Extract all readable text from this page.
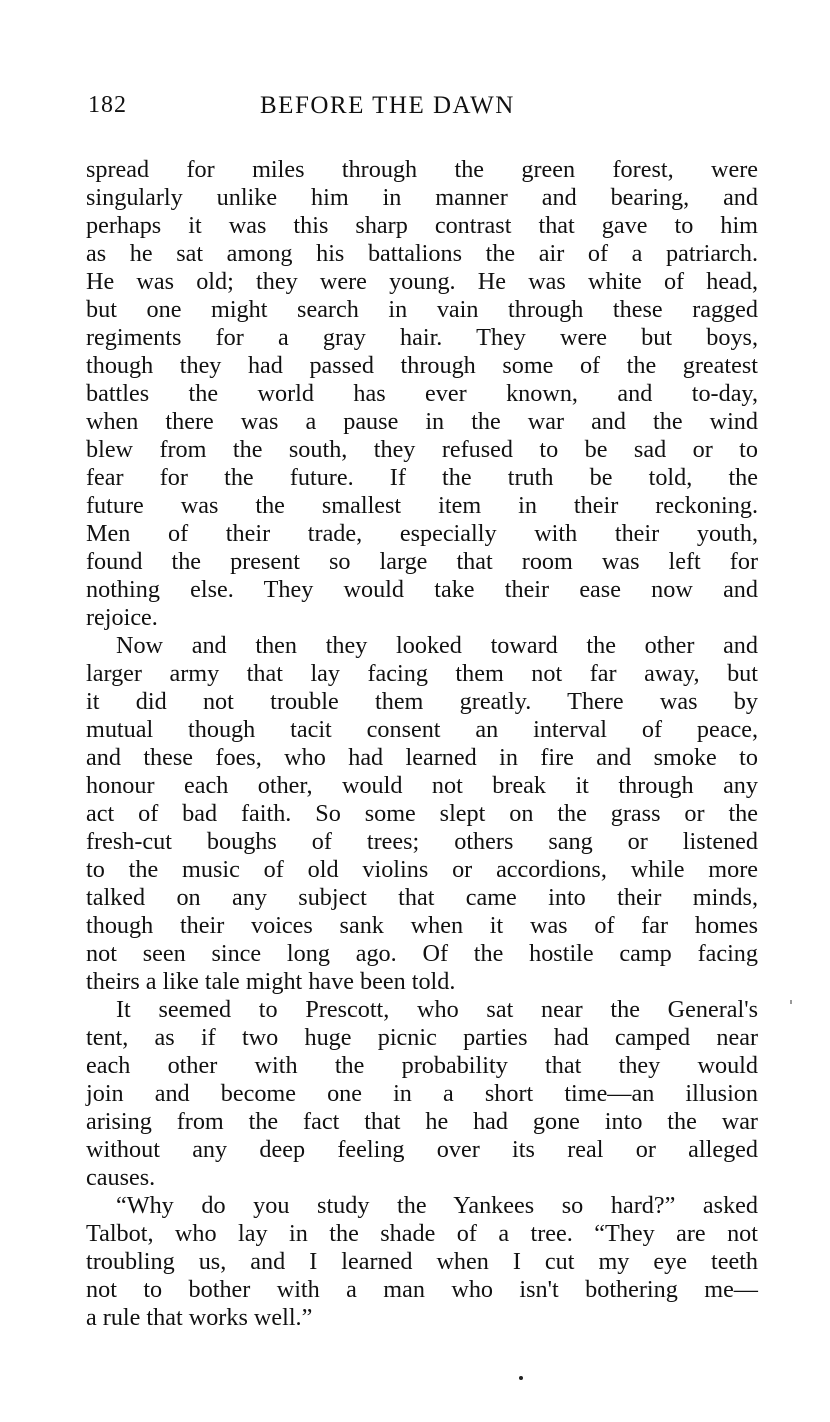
182	BEFORE THE DAWN
spread for miles through the green forest, were
singularly unlike him in manner and bearing, and
perhaps it was this sharp contrast that gave to him
as he sat among his battalions the air of a patriarch.
He was old; they were young. He was white of head,
but one might search in vain through these ragged
regiments for a gray hair. They were but boys,
though they had passed through some of the greatest
battles the world has ever known, and to-day,
when there was a pause in the war and the wind
blew from the south, they refused to be sad or to
fear for the future. If the truth be told, the
future was the smallest item in their reckoning.
Men of their trade, especially with their youth,
found the present so large that room was left for
nothing else. They would take their ease now and
rejoice.
Now and then they looked toward the other and
larger army that lay facing them not far away, but
it did not trouble them greatly. There was by
mutual though tacit consent an interval of peace,
and these foes, who had learned in fire and smoke to
honour each other, would not break it through any
act of bad faith. So some slept on the grass or the
fresh-cut boughs of trees; others sang or listened
to the music of old violins or accordions, while more
talked on any subject that came into their minds,
though their voices sank when it was of far homes
not seen since long ago. Of the hostile camp facing
theirs a like tale might have been told.
It seemed to Prescott, who sat near the General's
tent, as if two huge picnic parties had camped near
each other with the probability that they would
join and become one in a short time—an illusion
arising from the fact that he had gone into the war
without any deep feeling over its real or alleged
causes.
“Why do you study the Yankees so hard?” asked
Talbot, who lay in the shade of a tree. “They are not
troubling us, and I learned when I cut my eye teeth
not to bother with a man who isn't bothering me—
a rule that works well.”
